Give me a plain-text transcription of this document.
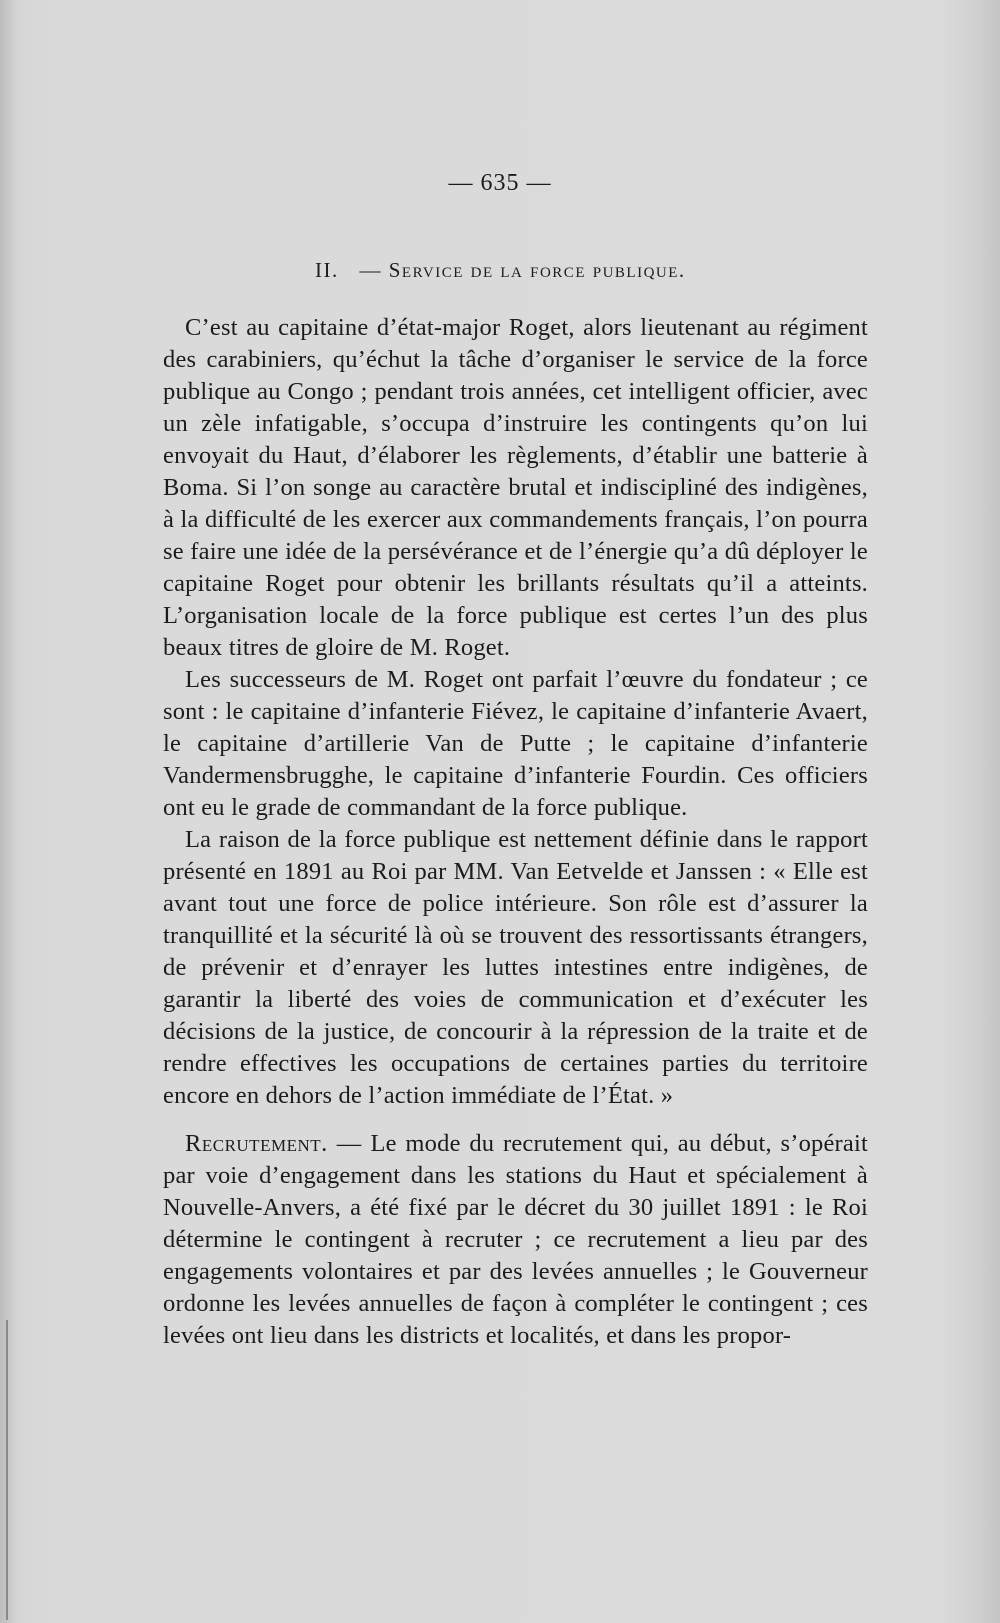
— 635 —
II. — Service de la force publique.

C’est au capitaine d’état-major Roget, alors lieutenant au régiment des carabiniers, qu’échut la tâche d’organiser le service de la force publique au Congo ; pendant trois années, cet intelligent officier, avec un zèle infatigable, s’occupa d’instruire les contingents qu’on lui envoyait du Haut, d’élaborer les règlements, d’établir une batterie à Boma. Si l’on songe au caractère brutal et indiscipliné des indigènes, à la difficulté de les exercer aux commandements français, l’on pourra se faire une idée de la persévérance et de l’énergie qu’a dû déployer le capitaine Roget pour obtenir les brillants résultats qu’il a atteints. L’organisation locale de la force publique est certes l’un des plus beaux titres de gloire de M. Roget.

Les successeurs de M. Roget ont parfait l’œuvre du fondateur ; ce sont : le capitaine d’infanterie Fiévez, le capitaine d’infanterie Avaert, le capitaine d’artillerie Van de Putte ; le capitaine d’infanterie Vandermensbrugghe, le capitaine d’infanterie Fourdin. Ces officiers ont eu le grade de commandant de la force publique.

La raison de la force publique est nettement définie dans le rapport présenté en 1891 au Roi par MM. Van Eetvelde et Janssen : « Elle est avant tout une force de police intérieure. Son rôle est d’assurer la tranquillité et la sécurité là où se trouvent des ressortissants étrangers, de prévenir et d’enrayer les luttes intestines entre indigènes, de garantir la liberté des voies de communication et d’exécuter les décisions de la justice, de concourir à la répression de la traite et de rendre effectives les occupations de certaines parties du territoire encore en dehors de l’action immédiate de l’État. »

Recrutement. — Le mode du recrutement qui, au début, s’opérait par voie d’engagement dans les stations du Haut et spécialement à Nouvelle-Anvers, a été fixé par le décret du 30 juillet 1891 : le Roi détermine le contingent à recruter ; ce recrutement a lieu par des engagements volontaires et par des levées annuelles ; le Gouverneur ordonne les levées annuelles de façon à compléter le contingent ; ces levées ont lieu dans les districts et localités, et dans les propor-
